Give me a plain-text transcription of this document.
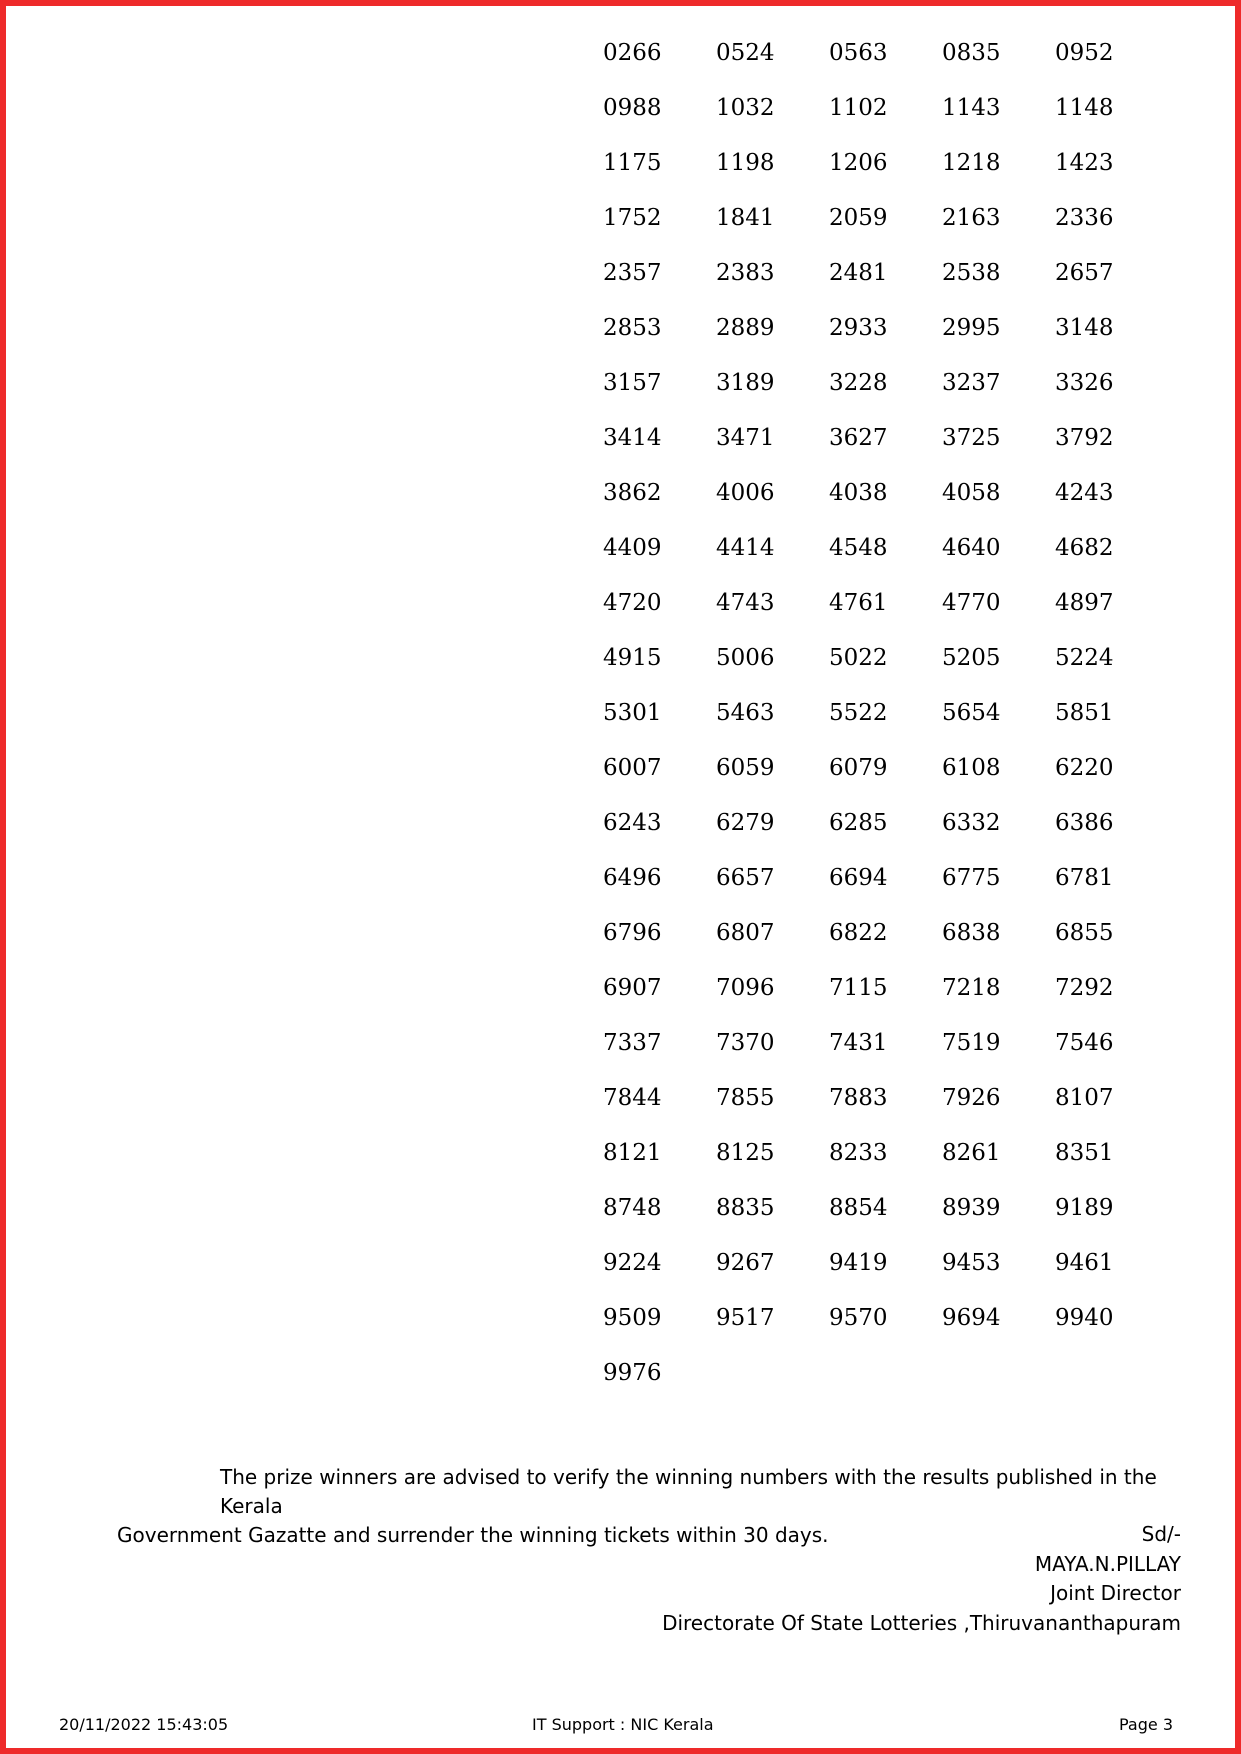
0266	0524	0563	0835	0952
0988	1032	1102	1143	1148
1175	1198	1206	1218	1423
1752	1841	2059	2163	2336
2357	2383	2481	2538	2657
2853	2889	2933	2995	3148
3157	3189	3228	3237	3326
3414	3471	3627	3725	3792
3862	4006	4038	4058	4243
4409	4414	4548	4640	4682
4720	4743	4761	4770	4897
4915	5006	5022	5205	5224
5301	5463	5522	5654	5851
6007	6059	6079	6108	6220
6243	6279	6285	6332	6386
6496	6657	6694	6775	6781
6796	6807	6822	6838	6855
6907	7096	7115	7218	7292
7337	7370	7431	7519	7546
7844	7855	7883	7926	8107
8121	8125	8233	8261	8351
8748	8835	8854	8939	9189
9224	9267	9419	9453	9461
9509	9517	9570	9694	9940
9976

The prize winners are advised to verify the winning numbers with the results published in the Kerala
Government Gazatte and surrender the winning tickets within 30 days.	Sd/-
MAYA.N.PILLAY
Joint Director
Directorate Of State Lotteries ,Thiruvananthapuram
20/11/2022 15:43:05	IT Support : NIC Kerala	Page 3
